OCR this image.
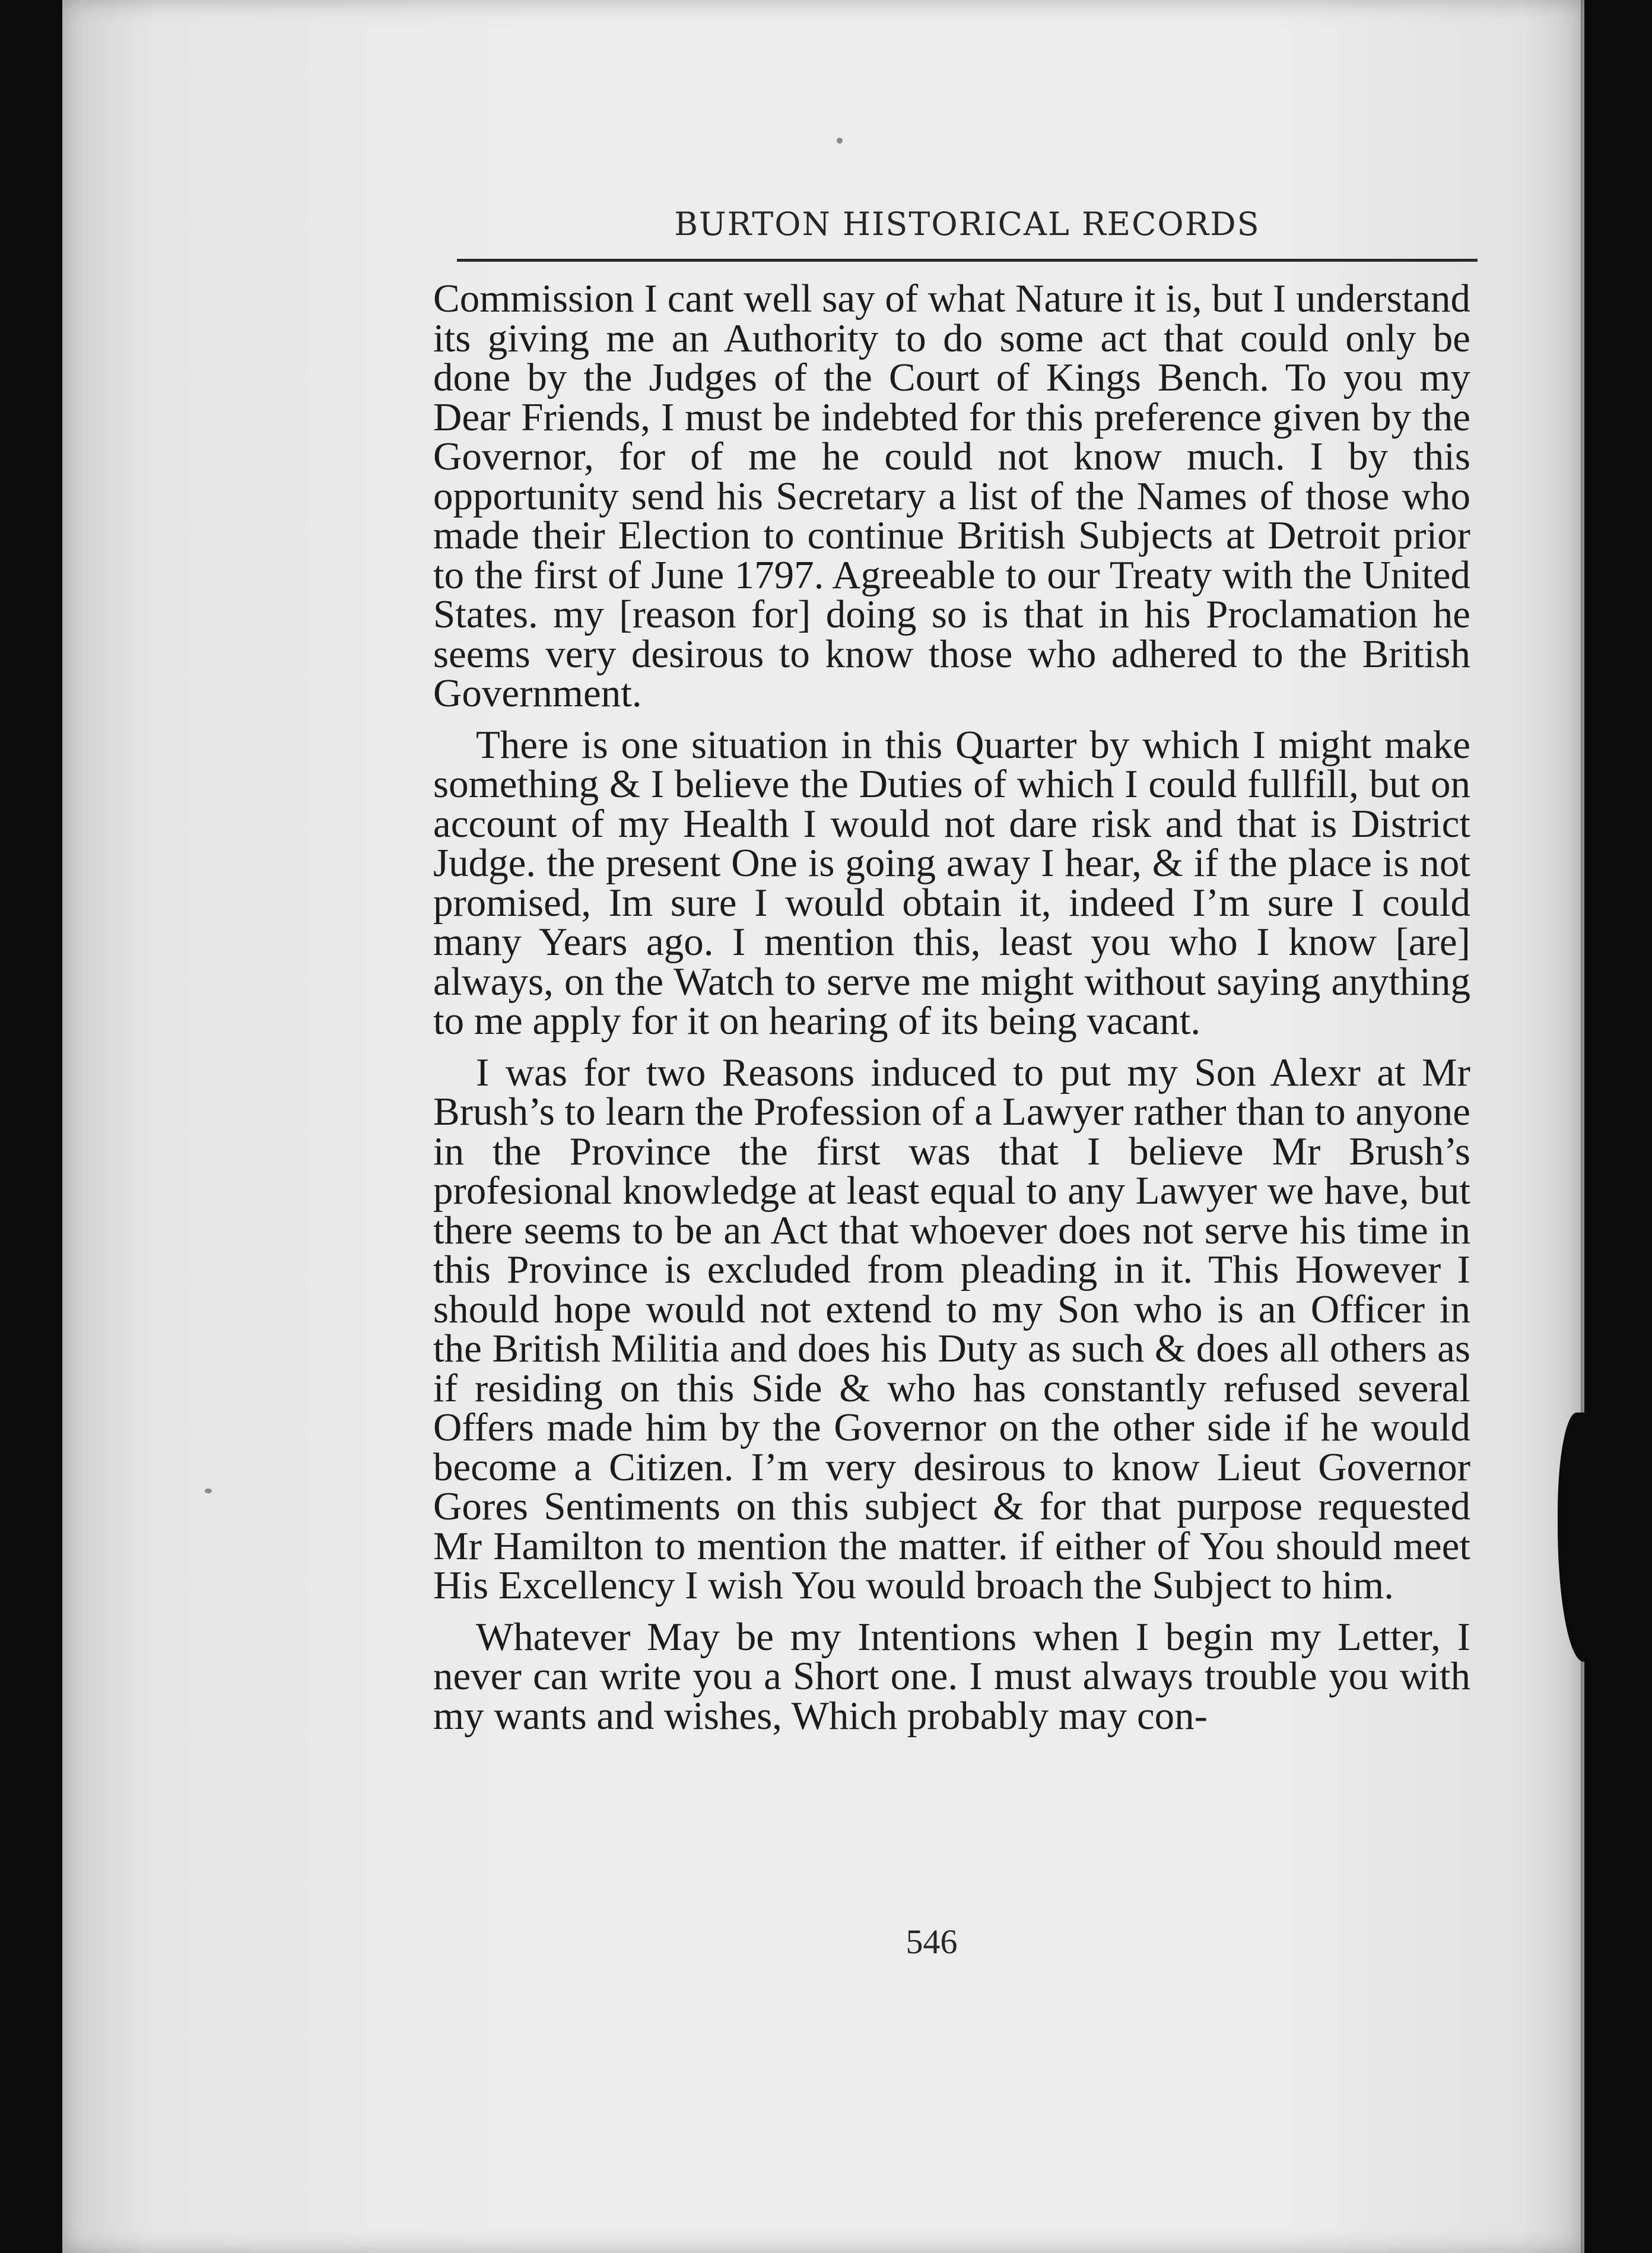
BURTON HISTORICAL RECORDS

Commission I cant well say of what Nature it is, but I understand its giving me an Authority to do some act that could only be done by the Judges of the Court of Kings Bench. To you my Dear Friends, I must be indebted for this preference given by the Governor, for of me he could not know much. I by this opportunity send his Secretary a list of the Names of those who made their Election to continue British Subjects at Detroit prior to the first of June 1797. Agreeable to our Treaty with the United States. my [reason for] doing so is that in his Proclamation he seems very desirous to know those who adhered to the British Government.

There is one situation in this Quarter by which I might make something & I believe the Duties of which I could fullfill, but on account of my Health I would not dare risk and that is District Judge. the present One is going away I hear, & if the place is not promised, Im sure I would obtain it, indeed I’m sure I could many Years ago. I mention this, least you who I know [are] always, on the Watch to serve me might without saying anything to me apply for it on hearing of its being vacant.

I was for two Reasons induced to put my Son Alexr at Mr Brush’s to learn the Profession of a Lawyer rather than to anyone in the Province the first was that I believe Mr Brush’s profesional knowledge at least equal to any Lawyer we have, but there seems to be an Act that whoever does not serve his time in this Province is excluded from pleading in it. This However I should hope would not extend to my Son who is an Officer in the British Militia and does his Duty as such & does all others as if residing on this Side & who has constantly refused several Offers made him by the Governor on the other side if he would become a Citizen. I’m very desirous to know Lieut Governor Gores Sentiments on this subject & for that purpose requested Mr Hamilton to mention the matter. if either of You should meet His Excellency I wish You would broach the Subject to him.

Whatever May be my Intentions when I begin my Letter, I never can write you a Short one. I must always trouble you with my wants and wishes, Which probably may con-

546
